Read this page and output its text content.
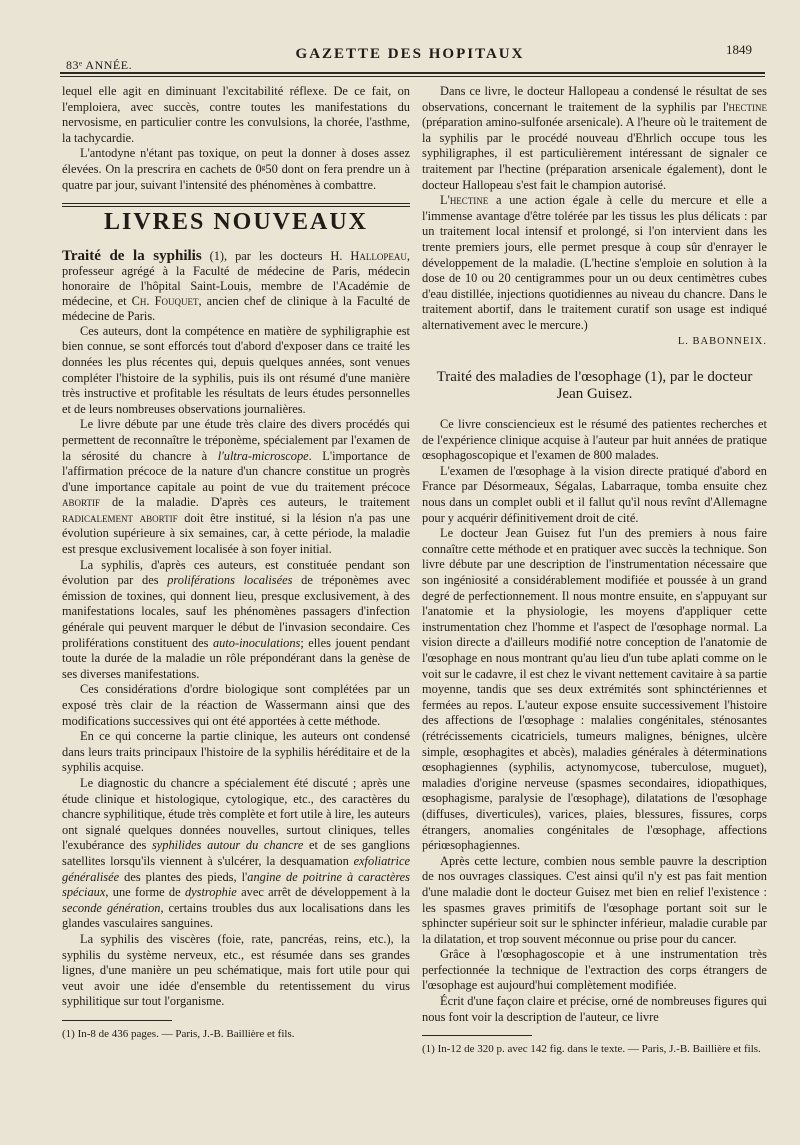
83ᵉ ANNÉE.
GAZETTE DES HOPITAUX	1849

lequel elle agit en diminuant l'excitabilité réflexe. De ce fait, on l'emploiera, avec succès, contre toutes les manifestations du nervosisme, en particulier contre les convulsions, la chorée, l'asthme, la tachycardie.

L'antodyne n'étant pas toxique, on peut la donner à doses assez élevées. On la prescrira en cachets de 0ᵍ50 dont on fera prendre un à quatre par jour, suivant l'intensité des phénomènes à combattre.

LIVRES NOUVEAUX

Traité de la syphilis (1), par les docteurs H. Hallopeau, professeur agrégé à la Faculté de médecine de Paris, médecin honoraire de l'hôpital Saint-Louis, membre de l'Académie de médecine, et Ch. Fouquet, ancien chef de clinique à la Faculté de médecine de Paris.

Ces auteurs, dont la compétence en matière de syphiligraphie est bien connue, se sont efforcés tout d'abord d'exposer dans ce traité les données les plus récentes qui, depuis quelques années, sont venues compléter l'histoire de la syphilis, puis ils ont résumé d'une manière très instructive et profitable les résultats de leurs études personnelles et de leurs nombreuses observations journalières.

Le livre débute par une étude très claire des divers procédés qui permettent de reconnaître le tréponème, spécialement par l'examen de la sérosité du chancre à l'ultra-microscope. L'importance de l'affirmation précoce de la nature d'un chancre constitue un progrès d'une importance capitale au point de vue du traitement précoce abortif de la maladie. D'après ces auteurs, le traitement radicalement abortif doit être institué, si la lésion n'a pas une évolution supérieure à six semaines, car, à cette période, la maladie est presque exclusivement localisée à son foyer initial.

La syphilis, d'après ces auteurs, est constituée pendant son évolution par des proliférations localisées de tréponèmes avec émission de toxines, qui donnent lieu, presque exclusivement, à des manifestations locales, sauf les phénomènes passagers d'infection générale qui peuvent marquer le début de l'invasion secondaire. Ces proliférations constituent des auto-inoculations; elles jouent pendant toute la durée de la maladie un rôle prépondérant dans la genèse de ses diverses manifestations.

Ces considérations d'ordre biologique sont complétées par un exposé très clair de la réaction de Wassermann ainsi que des modifications successives qui ont été apportées à cette méthode.

En ce qui concerne la partie clinique, les auteurs ont condensé dans leurs traits principaux l'histoire de la syphilis héréditaire et de la syphilis acquise.

Le diagnostic du chancre a spécialement été discuté ; après une étude clinique et histologique, cytologique, etc., des caractères du chancre syphilitique, étude très complète et fort utile à lire, les auteurs ont signalé quelques données nouvelles, surtout cliniques, telles l'exubérance des syphilides autour du chancre et de ses ganglions satellites lorsqu'ils viennent à s'ulcérer, la desquamation exfoliatrice généralisée des plantes des pieds, l'angine de poitrine à caractères spéciaux, une forme de dystrophie avec arrêt de développement à la seconde génération, certains troubles dus aux localisations dans les glandes vasculaires sanguines.

La syphilis des viscères (foie, rate, pancréas, reins, etc.), la syphilis du système nerveux, etc., est résumée dans ses grandes lignes, d'une manière un peu schématique, mais fort utile pour qui veut avoir une idée d'ensemble du retentissement du virus syphilitique sur tout l'organisme.

(1) In-8 de 436 pages. — Paris, J.-B. Baillière et fils.

Dans ce livre, le docteur Hallopeau a condensé le résultat de ses observations, concernant le traitement de la syphilis par l'hectine (préparation amino-sulfonée arsenicale). A l'heure où le traitement de la syphilis par le procédé nouveau d'Ehrlich occupe tous les syphiligraphes, il est particulièrement intéressant de signaler ce traitement par l'hectine (préparation arsenicale également), dont le docteur Hallopeau s'est fait le champion autorisé.

L'hectine a une action égale à celle du mercure et elle a l'immense avantage d'être tolérée par les tissus les plus délicats : par un traitement local intensif et prolongé, si l'on intervient dans les trente premiers jours, elle permet presque à coup sûr d'enrayer le développement de la maladie. (L'hectine s'emploie en solution à la dose de 10 ou 20 centigrammes pour un ou deux centimètres cubes d'eau distillée, injections quotidiennes au niveau du chancre. Dans le traitement abortif, dans le traitement curatif son usage est indiqué alternativement avec le mercure.)

L. BABONNEIX.
Traité des maladies de l'œsophage (1), par le docteur Jean Guisez.

Ce livre consciencieux est le résumé des patientes recherches et de l'expérience clinique acquise à l'auteur par huit années de pratique œsophagoscopique et l'examen de 800 malades.

L'examen de l'œsophage à la vision directe pratiqué d'abord en France par Désormeaux, Ségalas, Labarraque, tomba ensuite chez nous dans un complet oubli et il fallut qu'il nous revînt d'Allemagne pour y acquérir définitivement droit de cité.

Le docteur Jean Guisez fut l'un des premiers à nous faire connaître cette méthode et en pratiquer avec succès la technique. Son livre débute par une description de l'instrumentation nécessaire que son ingéniosité a considérablement modifiée et poussée à un grand degré de perfectionnement. Il nous montre ensuite, en s'appuyant sur l'anatomie et la physiologie, les moyens d'appliquer cette instrumentation chez l'homme et l'aspect de l'œsophage normal. La vision directe a d'ailleurs modifié notre conception de l'anatomie de l'œsophage en nous montrant qu'au lieu d'un tube aplati comme on le voit sur le cadavre, il est chez le vivant nettement cavitaire à sa partie moyenne, tandis que ses deux extrémités sont sphinctériennes et fermées au repos. L'auteur expose ensuite successivement l'histoire des affections de l'œsophage : malalies congénitales, sténosantes (rétrécissements cicatriciels, tumeurs malignes, bénignes, ulcère simple, œsophagites et abcès), maladies générales à déterminations œsophagiennes (syphilis, actynomycose, tuberculose, muguet), maladies d'origine nerveuse (spasmes secondaires, idiopathiques, œsophagisme, paralysie de l'œsophage), dilatations de l'œsophage (diffuses, diverticules), varices, plaies, blessures, fissures, corps étrangers, anomalies congénitales de l'œsophage, affections périœsophagiennes.

Après cette lecture, combien nous semble pauvre la description de nos ouvrages classiques. C'est ainsi qu'il n'y est pas fait mention d'une maladie dont le docteur Guisez met bien en relief l'existence : les spasmes graves primitifs de l'œsophage portant soit sur le sphincter supérieur soit sur le sphincter inférieur, maladie curable par la dilatation, et trop souvent méconnue ou prise pour du cancer.

Grâce à l'œsophagoscopie et à une instrumentation très perfectionnée la technique de l'extraction des corps étrangers de l'œsophage est aujourd'hui complètement modifiée.

Écrit d'une façon claire et précise, orné de nombreuses figures qui nous font voir la description de l'auteur, ce livre

(1) In-12 de 320 p. avec 142 fig. dans le texte. — Paris, J.-B. Baillière et fils.
